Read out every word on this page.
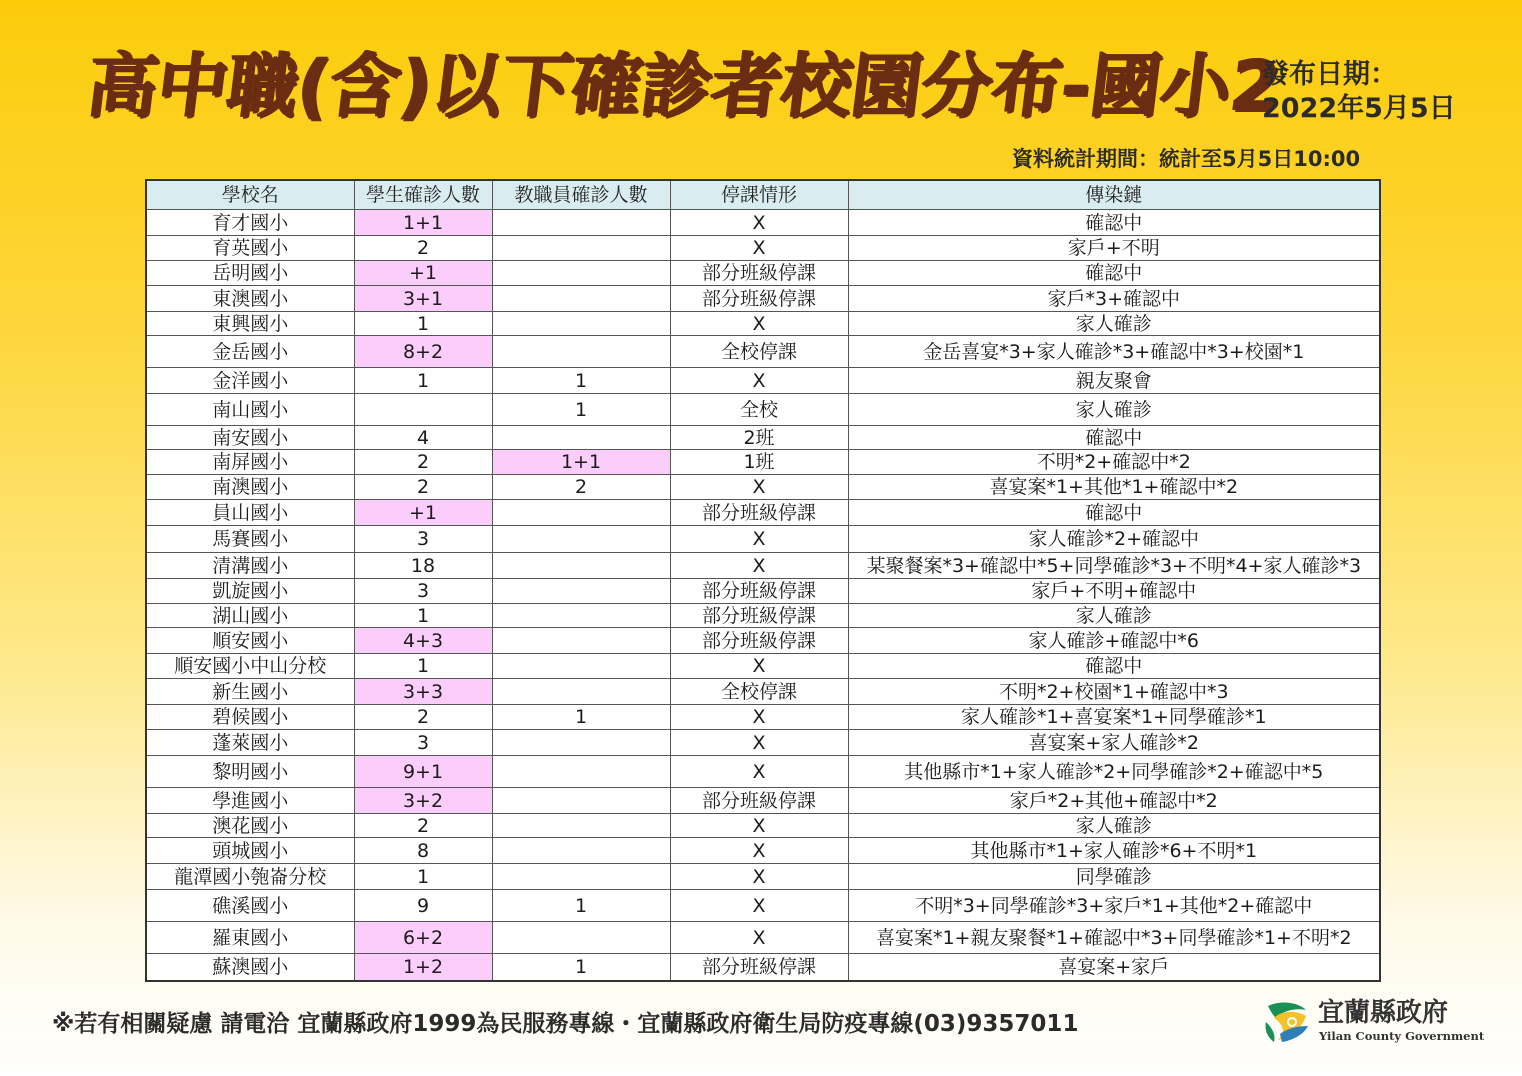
高中職(含)以下確診者校園分布-國小2
發布日期：
2022年5月5日
資料統計期間：統計至5月5日10:00
學校名	學生確診人數	教職員確診人數	停課情形	傳染鏈
育才國小	1+1		X	確認中
育英國小	2		X	家戶+不明
岳明國小	+1		部分班級停課	確認中
東澳國小	3+1		部分班級停課	家戶*3+確認中
東興國小	1		X	家人確診
金岳國小	8+2		全校停課	金岳喜宴*3+家人確診*3+確認中*3+校園*1
金洋國小	1	1	X	親友聚會
南山國小		1	全校	家人確診
南安國小	4		2班	確認中
南屏國小	2	1+1	1班	不明*2+確認中*2
南澳國小	2	2	X	喜宴案*1+其他*1+確認中*2
員山國小	+1		部分班級停課	確認中
馬賽國小	3		X	家人確診*2+確認中
清溝國小	18		X	某聚餐案*3+確認中*5+同學確診*3+不明*4+家人確診*3
凱旋國小	3		部分班級停課	家戶+不明+確認中
湖山國小	1		部分班級停課	家人確診
順安國小	4+3		部分班級停課	家人確診+確認中*6
順安國小中山分校	1		X	確認中
新生國小	3+3		全校停課	不明*2+校園*1+確認中*3
碧候國小	2	1	X	家人確診*1+喜宴案*1+同學確診*1
蓬萊國小	3		X	喜宴案+家人確診*2
黎明國小	9+1		X	其他縣市*1+家人確診*2+同學確診*2+確認中*5
學進國小	3+2		部分班級停課	家戶*2+其他+確認中*2
澳花國小	2		X	家人確診
頭城國小	8		X	其他縣市*1+家人確診*6+不明*1
龍潭國小匏崙分校	1		X	同學確診
礁溪國小	9	1	X	不明*3+同學確診*3+家戶*1+其他*2+確認中
羅東國小	6+2		X	喜宴案*1+親友聚餐*1+確認中*3+同學確診*1+不明*2
蘇澳國小	1+2	1	部分班級停課	喜宴案+家戶
※若有相關疑慮 請電洽 宜蘭縣政府1999為民服務專線・宜蘭縣政府衛生局防疫專線(03)9357011	宜蘭縣政府
Yilan County Government
